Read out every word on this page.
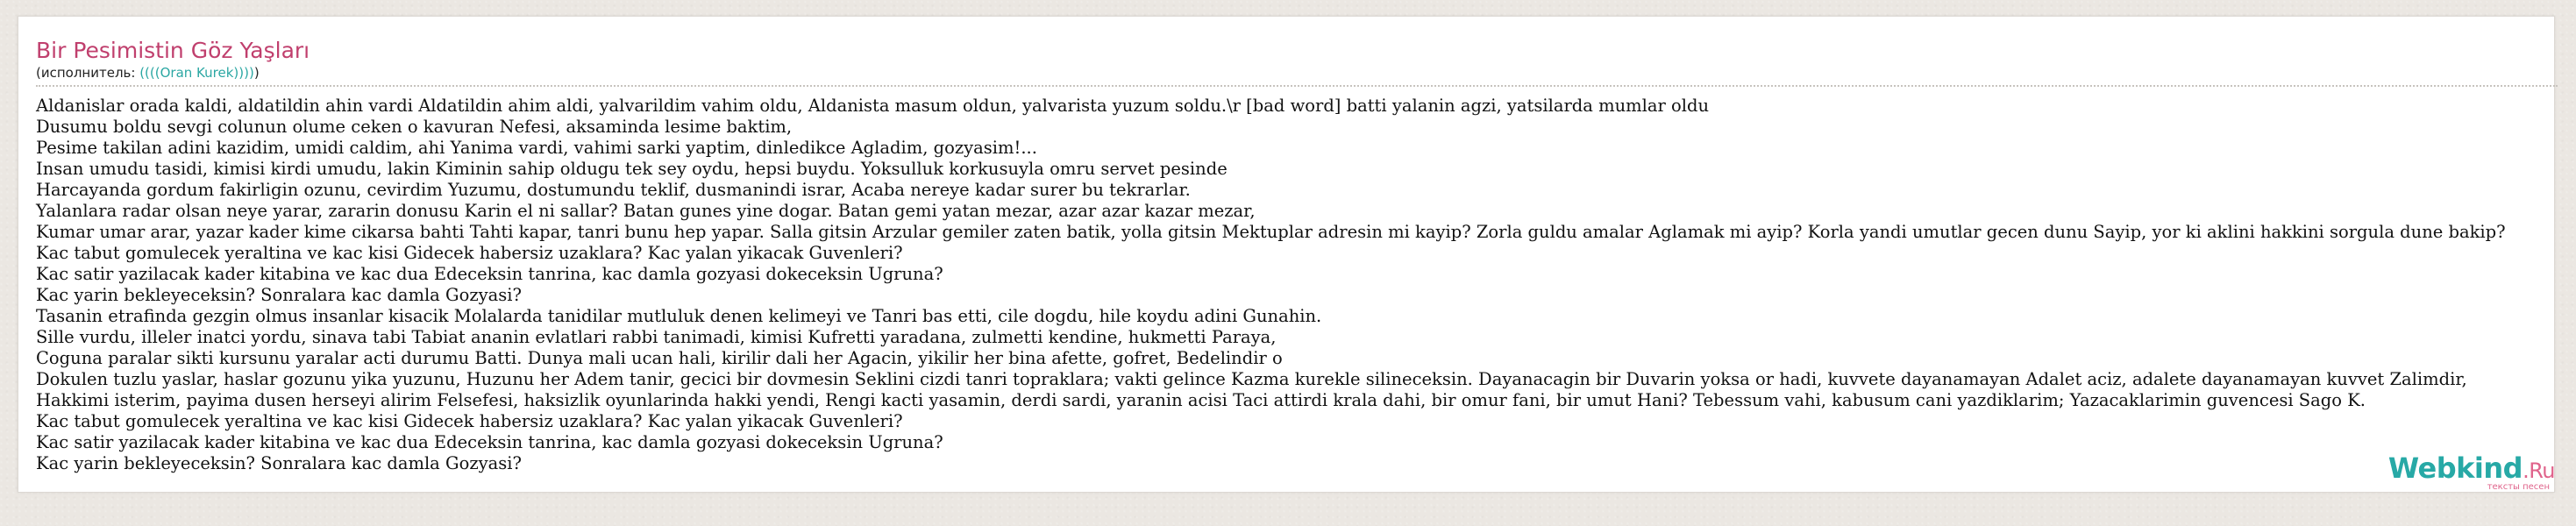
Bir Pesimistin Göz Yaşları
(исполнитель: ((((Oran Kurek)))))
Aldanislar orada kaldi, aldatildin ahin vardi Aldatildin ahim aldi, yalvarildim vahim oldu, Aldanista masum oldun, yalvarista yuzum soldu.\r [bad word] batti yalanin agzi, yatsilarda mumlar oldu
Dusumu boldu sevgi colunun olume ceken o kavuran Nefesi, aksaminda lesime baktim,
Pesime takilan adini kazidim, umidi caldim, ahi Yanima vardi, vahimi sarki yaptim, dinledikce Agladim, gozyasim!...
Insan umudu tasidi, kimisi kirdi umudu, lakin Kiminin sahip oldugu tek sey oydu, hepsi buydu. Yoksulluk korkusuyla omru servet pesinde
Harcayanda gordum fakirligin ozunu, cevirdim Yuzumu, dostumundu teklif, dusmanindi israr, Acaba nereye kadar surer bu tekrarlar.
Yalanlara radar olsan neye yarar, zararin donusu Karin el ni sallar? Batan gunes yine dogar. Batan gemi yatan mezar, azar azar kazar mezar,
Kumar umar arar, yazar kader kime cikarsa bahti Tahti kapar, tanri bunu hep yapar. Salla gitsin Arzular gemiler zaten batik, yolla gitsin Mektuplar adresin mi kayip? Zorla guldu amalar Aglamak mi ayip? Korla yandi umutlar gecen dunu Sayip, yor ki aklini hakkini sorgula dune bakip?
Kac tabut gomulecek yeraltina ve kac kisi Gidecek habersiz uzaklara? Kac yalan yikacak Guvenleri?
Kac satir yazilacak kader kitabina ve kac dua Edeceksin tanrina, kac damla gozyasi dokeceksin Ugruna?
Kac yarin bekleyeceksin? Sonralara kac damla Gozyasi?
Tasanin etrafinda gezgin olmus insanlar kisacik Molalarda tanidilar mutluluk denen kelimeyi ve Tanri bas etti, cile dogdu, hile koydu adini Gunahin.
Sille vurdu, illeler inatci yordu, sinava tabi Tabiat ananin evlatlari rabbi tanimadi, kimisi Kufretti yaradana, zulmetti kendine, hukmetti Paraya,
Coguna paralar sikti kursunu yaralar acti durumu Batti. Dunya mali ucan hali, kirilir dali her Agacin, yikilir her bina afette, gofret, Bedelindir o
Dokulen tuzlu yaslar, haslar gozunu yika yuzunu, Huzunu her Adem tanir, gecici bir dovmesin Seklini cizdi tanri topraklara; vakti gelince Kazma kurekle silineceksin. Dayanacagin bir Duvarin yoksa or hadi, kuvvete dayanamayan Adalet aciz, adalete dayanamayan kuvvet Zalimdir,
Hakkimi isterim, payima dusen herseyi alirim Felsefesi, haksizlik oyunlarinda hakki yendi, Rengi kacti yasamin, derdi sardi, yaranin acisi Taci attirdi krala dahi, bir omur fani, bir umut Hani? Tebessum vahi, kabusum cani yazdiklarim; Yazacaklarimin guvencesi Sago K.
Kac tabut gomulecek yeraltina ve kac kisi Gidecek habersiz uzaklara? Kac yalan yikacak Guvenleri?
Kac satir yazilacak kader kitabina ve kac dua Edeceksin tanrina, kac damla gozyasi dokeceksin Ugruna?
Kac yarin bekleyeceksin? Sonralara kac damla Gozyasi?	Webkind.Ru
тексты песен
